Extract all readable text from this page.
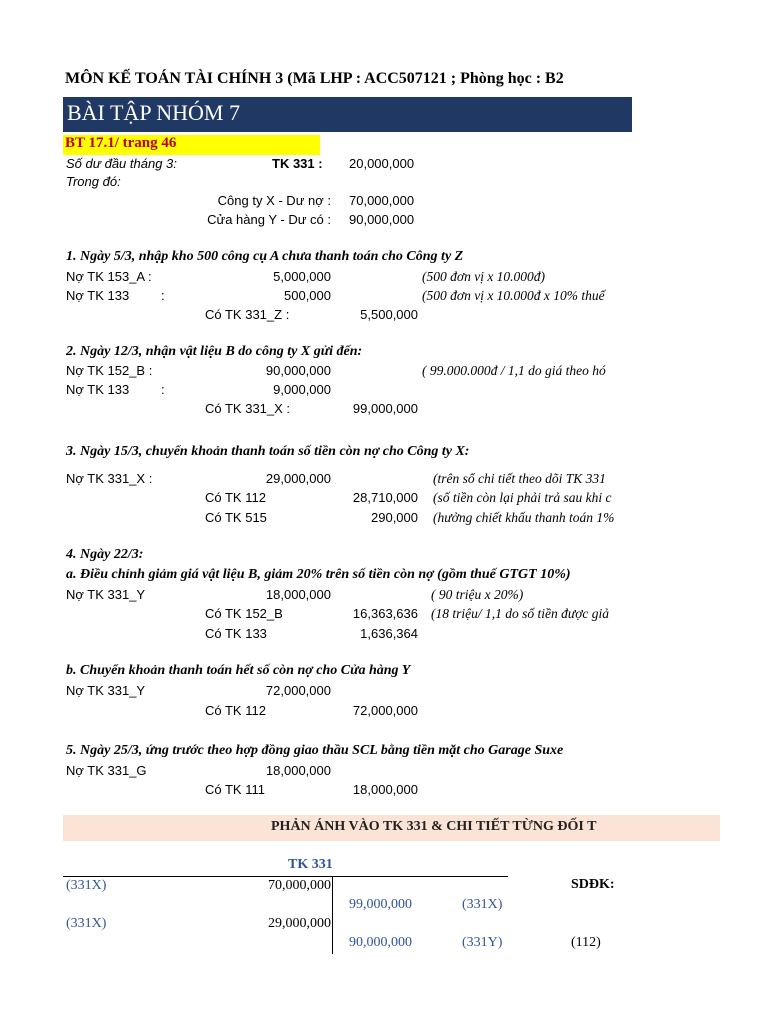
MÔN KẾ TOÁN TÀI CHÍNH 3 (Mã LHP : ACC507121 ; Phòng học : B2
BÀI TẬP NHÓM 7
BT 17.1/ trang 46
Số dư đầu tháng 3:	TK 331 : 20,000,000
Trong đó:
Công ty X - Dư nợ : 70,000,000
Cửa hàng Y - Dư có : 90,000,000
1. Ngày 5/3, nhập kho 500 công cụ A chưa thanh toán cho Công ty Z
Nợ TK 153_A :	5,000,000	(500 đơn vị x 10.000đ)
Nợ TK 133 :	500,000	(500 đơn vị x 10.000đ x 10% thuế
Có TK 331_Z :	5,500,000
2. Ngày 12/3, nhận vật liệu B do công ty X gửi đến:
Nợ TK 152_B :	90,000,000	( 99.000.000đ / 1,1 do giá theo hó
Nợ TK 133 :	9,000,000
Có TK 331_X :	99,000,000
3. Ngày 15/3, chuyển khoản thanh toán số tiền còn nợ cho Công ty X:
Nợ TK 331_X :	29,000,000	(trên sổ chi tiết theo dõi TK 331
Có TK 112	28,710,000 (số tiền còn lại phải trả sau khi c
Có TK 515	290,000 (hưởng chiết khấu thanh toán 1%
4. Ngày 22/3:
a. Điều chỉnh giảm giá vật liệu B, giảm 20% trên số tiền còn nợ (gồm thuế GTGT 10%)
Nợ TK 331_Y	18,000,000	( 90 triệu x 20%)
Có TK 152_B	16,363,636 (18 triệu/ 1,1 do số tiền được giả
Có TK 133	1,636,364
b. Chuyển khoản thanh toán hết số còn nợ cho Cửa hàng Y
Nợ TK 331_Y	72,000,000
Có TK 112	72,000,000
5. Ngày 25/3, ứng trước theo hợp đồng giao thầu SCL bằng tiền mặt cho Garage Suxe
Nợ TK 331_G	18,000,000
Có TK 111	18,000,000
PHẢN ÁNH VÀO TK 331 & CHI TIẾT TỪNG ĐỐI T
TK 331
(331X)	70,000,000
99,000,000	(331X)
(331X)	29,000,000
90,000,000	(331Y)
SDĐK:
(112)
